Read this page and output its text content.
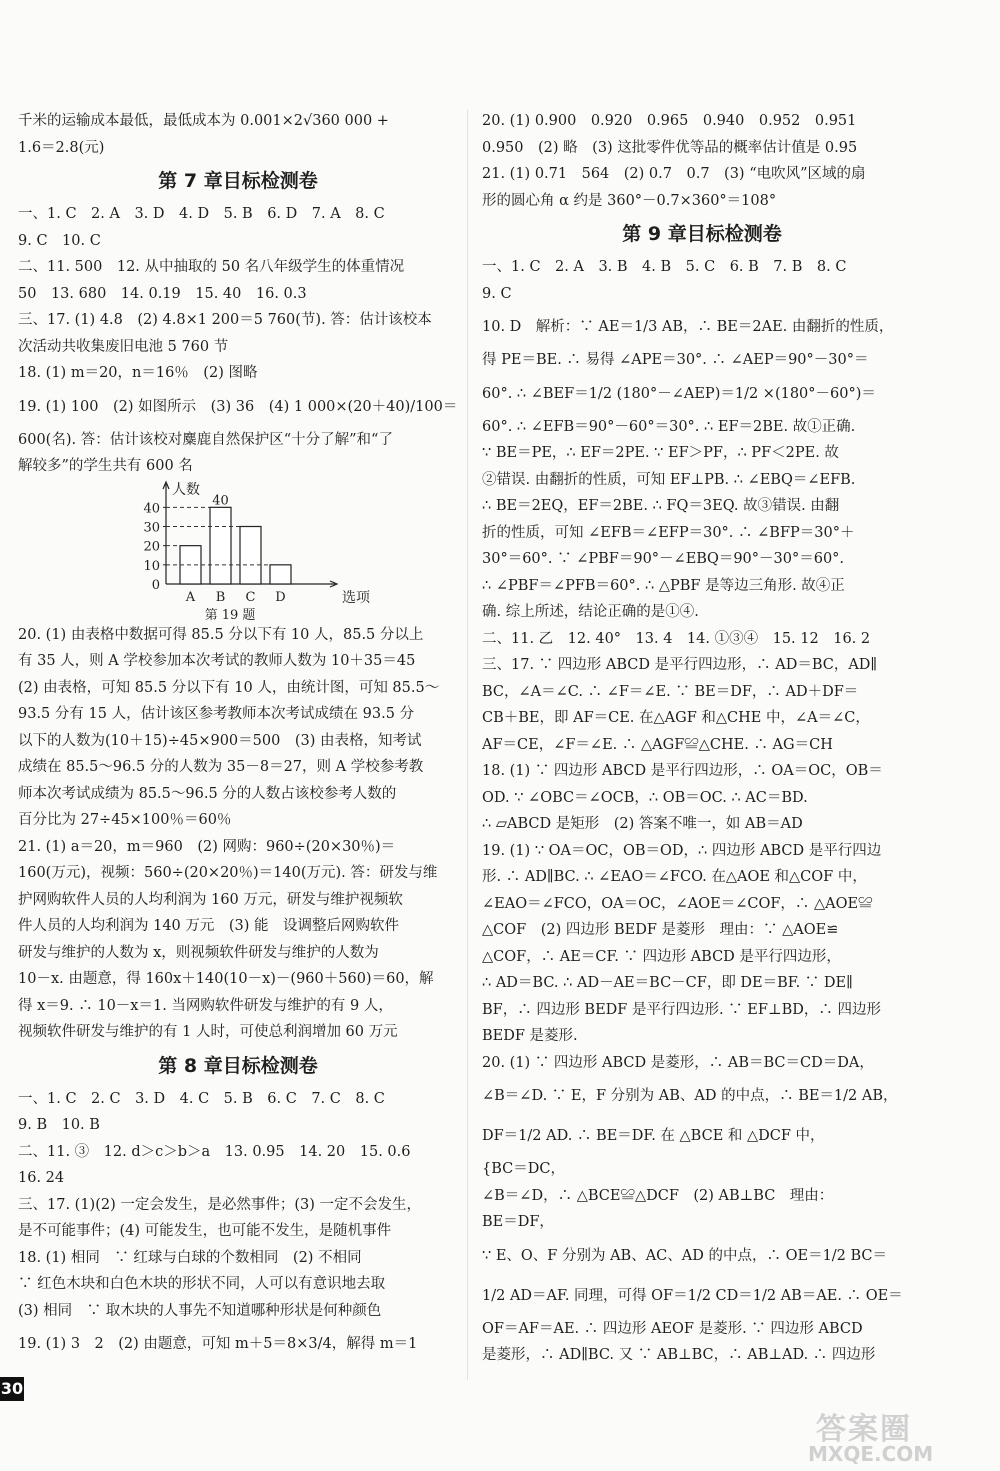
千米的运输成本最低，最低成本为 0.001×2√360 000 +
1.6＝2.8(元)
第 7 章目标检测卷
一、1. C　2. A　3. D　4. D　5. B　6. D　7. A　8. C
9. C　10. C
二、11. 500　12. 从中抽取的 50 名八年级学生的体重情况
50　13. 680　14. 0.19　15. 40　16. 0.3
三、17. (1) 4.8　(2) 4.8×1 200＝5 760(节). 答：估计该校本
次活动共收集废旧电池 5 760 节
18. (1) m＝20，n＝16％　(2) 图略
19. (1) 100　(2) 如图所示　(3) 36　(4) 1 000×(20＋40)/100＝
600(名). 答：估计该校对麋鹿自然保护区“十分了解”和“了
解较多”的学生共有 600 名
0
10
20
30
40
人数
选项
A B
40
C D
第 19 题
20. (1) 由表格中数据可得 85.5 分以下有 10 人，85.5 分以上
有 35 人，则 A 学校参加本次考试的教师人数为 10＋35＝45
(2) 由表格，可知 85.5 分以下有 10 人，由统计图，可知 85.5～
93.5 分有 15 人，估计该区参考教师本次考试成绩在 93.5 分
以下的人数为(10＋15)÷45×900＝500　(3) 由表格，知考试
成绩在 85.5～96.5 分的人数为 35－8＝27，则 A 学校参考教
师本次考试成绩为 85.5～96.5 分的人数占该校参考人数的
百分比为 27÷45×100％＝60％
21. (1) a＝20，m＝960　(2) 网购：960÷(20×30％)＝
160(万元)，视频：560÷(20×20％)＝140(万元). 答：研发与维
护网购软件人员的人均利润为 160 万元，研发与维护视频软
件人员的人均利润为 140 万元　(3) 能　设调整后网购软件
研发与维护的人数为 x，则视频软件研发与维护的人数为
10－x. 由题意，得 160x＋140(10－x)－(960＋560)＝60，解
得 x＝9. ∴ 10－x＝1. 当网购软件研发与维护的有 9 人，
视频软件研发与维护的有 1 人时，可使总利润增加 60 万元
第 8 章目标检测卷
一、1. C　2. C　3. D　4. C　5. B　6. C　7. C　8. C
9. B　10. B
二、11. ③　12. d＞c＞b＞a　13. 0.95　14. 20　15. 0.6
16. 24
三、17. (1)(2) 一定会发生，是必然事件；(3) 一定不会发生，
是不可能事件；(4) 可能发生，也可能不发生，是随机事件
18. (1) 相同　∵ 红球与白球的个数相同　(2) 不相同
∵ 红色木块和白色木块的形状不同，人可以有意识地去取
(3) 相同　∵ 取木块的人事先不知道哪种形状是何种颜色
19. (1) 3　2　(2) 由题意，可知 m＋5＝8×3/4，解得 m＝1
20. (1) 0.900　0.920　0.965　0.940　0.952　0.951
0.950　(2) 略　(3) 这批零件优等品的概率估计值是 0.95
21. (1) 0.71　564　(2) 0.7　0.7　(3) “电吹风”区域的扇
形的圆心角 α 约是 360°－0.7×360°＝108°
第 9 章目标检测卷
一、1. C　2. A　3. B　4. B　5. C　6. B　7. B　8. C
9. C
10. D　解析：∵ AE＝1/3 AB，∴ BE＝2AE. 由翻折的性质，
得 PE＝BE. ∴ 易得 ∠APE＝30°. ∴ ∠AEP＝90°－30°＝
60°. ∴ ∠BEF＝1/2 (180°－∠AEP)＝1/2 ×(180°－60°)＝
60°. ∴ ∠EFB＝90°－60°＝30°. ∴ EF＝2BE. 故①正确.
∵ BE＝PE，∴ EF＝2PE. ∵ EF＞PF，∴ PF＜2PE. 故
②错误. 由翻折的性质，可知 EF⊥PB. ∴ ∠EBQ＝∠EFB.
∴ BE＝2EQ，EF＝2BE. ∴ FQ＝3EQ. 故③错误. 由翻
折的性质，可知 ∠EFB＝∠EFP＝30°. ∴ ∠BFP＝30°＋
30°＝60°. ∵ ∠PBF＝90°－∠EBQ＝90°－30°＝60°.
∴ ∠PBF＝∠PFB＝60°. ∴ △PBF 是等边三角形. 故④正
确. 综上所述，结论正确的是①④.
二、11. 乙　12. 40°　13. 4　14. ①③④　15. 12　16. 2
三、17. ∵ 四边形 ABCD 是平行四边形，∴ AD＝BC，AD∥
BC，∠A＝∠C. ∴ ∠F＝∠E. ∵ BE＝DF，∴ AD＋DF＝
CB＋BE，即 AF＝CE. 在△AGF 和△CHE 中，∠A＝∠C，
AF＝CE，∠F＝∠E. ∴ △AGF≌△CHE. ∴ AG＝CH
18. (1) ∵ 四边形 ABCD 是平行四边形，∴ OA＝OC，OB＝
OD. ∵ ∠OBC＝∠OCB，∴ OB＝OC. ∴ AC＝BD.
∴ ▱ABCD 是矩形　(2) 答案不唯一，如 AB＝AD
19. (1) ∵ OA＝OC，OB＝OD，∴ 四边形 ABCD 是平行四边
形. ∴ AD∥BC. ∴ ∠EAO＝∠FCO. 在△AOE 和△COF 中，
∠EAO＝∠FCO，OA＝OC，∠AOE＝∠COF，∴ △AOE≌
△COF　(2) 四边形 BEDF 是菱形　理由：∵ △AOE≌
△COF，∴ AE＝CF. ∵ 四边形 ABCD 是平行四边形，
∴ AD＝BC. ∴ AD－AE＝BC－CF，即 DE＝BF. ∵ DE∥
BF，∴ 四边形 BEDF 是平行四边形. ∵ EF⊥BD，∴ 四边形
BEDF 是菱形.
20. (1) ∵ 四边形 ABCD 是菱形，∴ AB＝BC＝CD＝DA，
∠B＝∠D. ∵ E，F 分别为 AB、AD 的中点，∴ BE＝1/2 AB，
DF＝1/2 AD. ∴ BE＝DF. 在 △BCE 和 △DCF 中，
{BC＝DC，
∠B＝∠D，∴ △BCE≌△DCF　(2) AB⊥BC　理由：
BE＝DF，
∵ E、O、F 分别为 AB、AC、AD 的中点，∴ OE＝1/2 BC＝
1/2 AD＝AF. 同理，可得 OF＝1/2 CD＝1/2 AB＝AE. ∴ OE＝
OF＝AF＝AE. ∴ 四边形 AEOF 是菱形. ∵ 四边形 ABCD
是菱形，∴ AD∥BC. 又 ∵ AB⊥BC，∴ AB⊥AD. ∴ 四边形
30
答案圈
MXQE.COM
